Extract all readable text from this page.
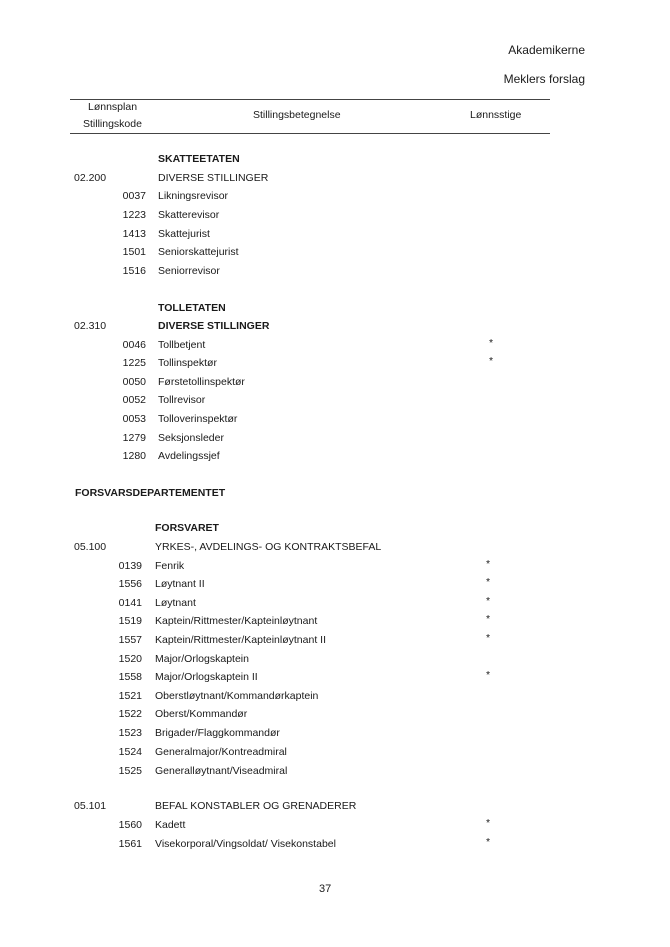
Akademikerne
Meklers forslag
Lønnsplan
Stillingskode
Stillingsbetegnelse	Lønnsstige
SKATTEETATEN
02.200	DIVERSE STILLINGER
0037 Likningsrevisor
1223 Skatterevisor
1413 Skattejurist
1501 Seniorskattejurist
1516 Seniorrevisor
TOLLETATEN
02.310	DIVERSE STILLINGER
0046 Tollbetjent	*
1225 Tollinspektør	*
0050 Førstetollinspektør
0052 Tollrevisor
0053 Tolloverinspektør
1279 Seksjonsleder
1280 Avdelingssjef
FORSVARSDEPARTEMENTET
FORSVARET
05.100	YRKES-, AVDELINGS- OG KONTRAKTSBEFAL
0139 Fenrik	*
1556 Løytnant II	*
0141 Løytnant	*
1519 Kaptein/Rittmester/Kapteinløytnant	*
1557 Kaptein/Rittmester/Kapteinløytnant II	*
1520 Major/Orlogskaptein
1558 Major/Orlogskaptein II	*
1521 Oberstløytnant/Kommandørkaptein
1522 Oberst/Kommandør
1523 Brigader/Flaggkommandør
1524 Generalmajor/Kontreadmiral
1525 Generalløytnant/Viseadmiral
05.101	BEFAL KONSTABLER OG GRENADERER
1560 Kadett	*
1561 Visekorporal/Vingsoldat/ Visekonstabel	*
37
